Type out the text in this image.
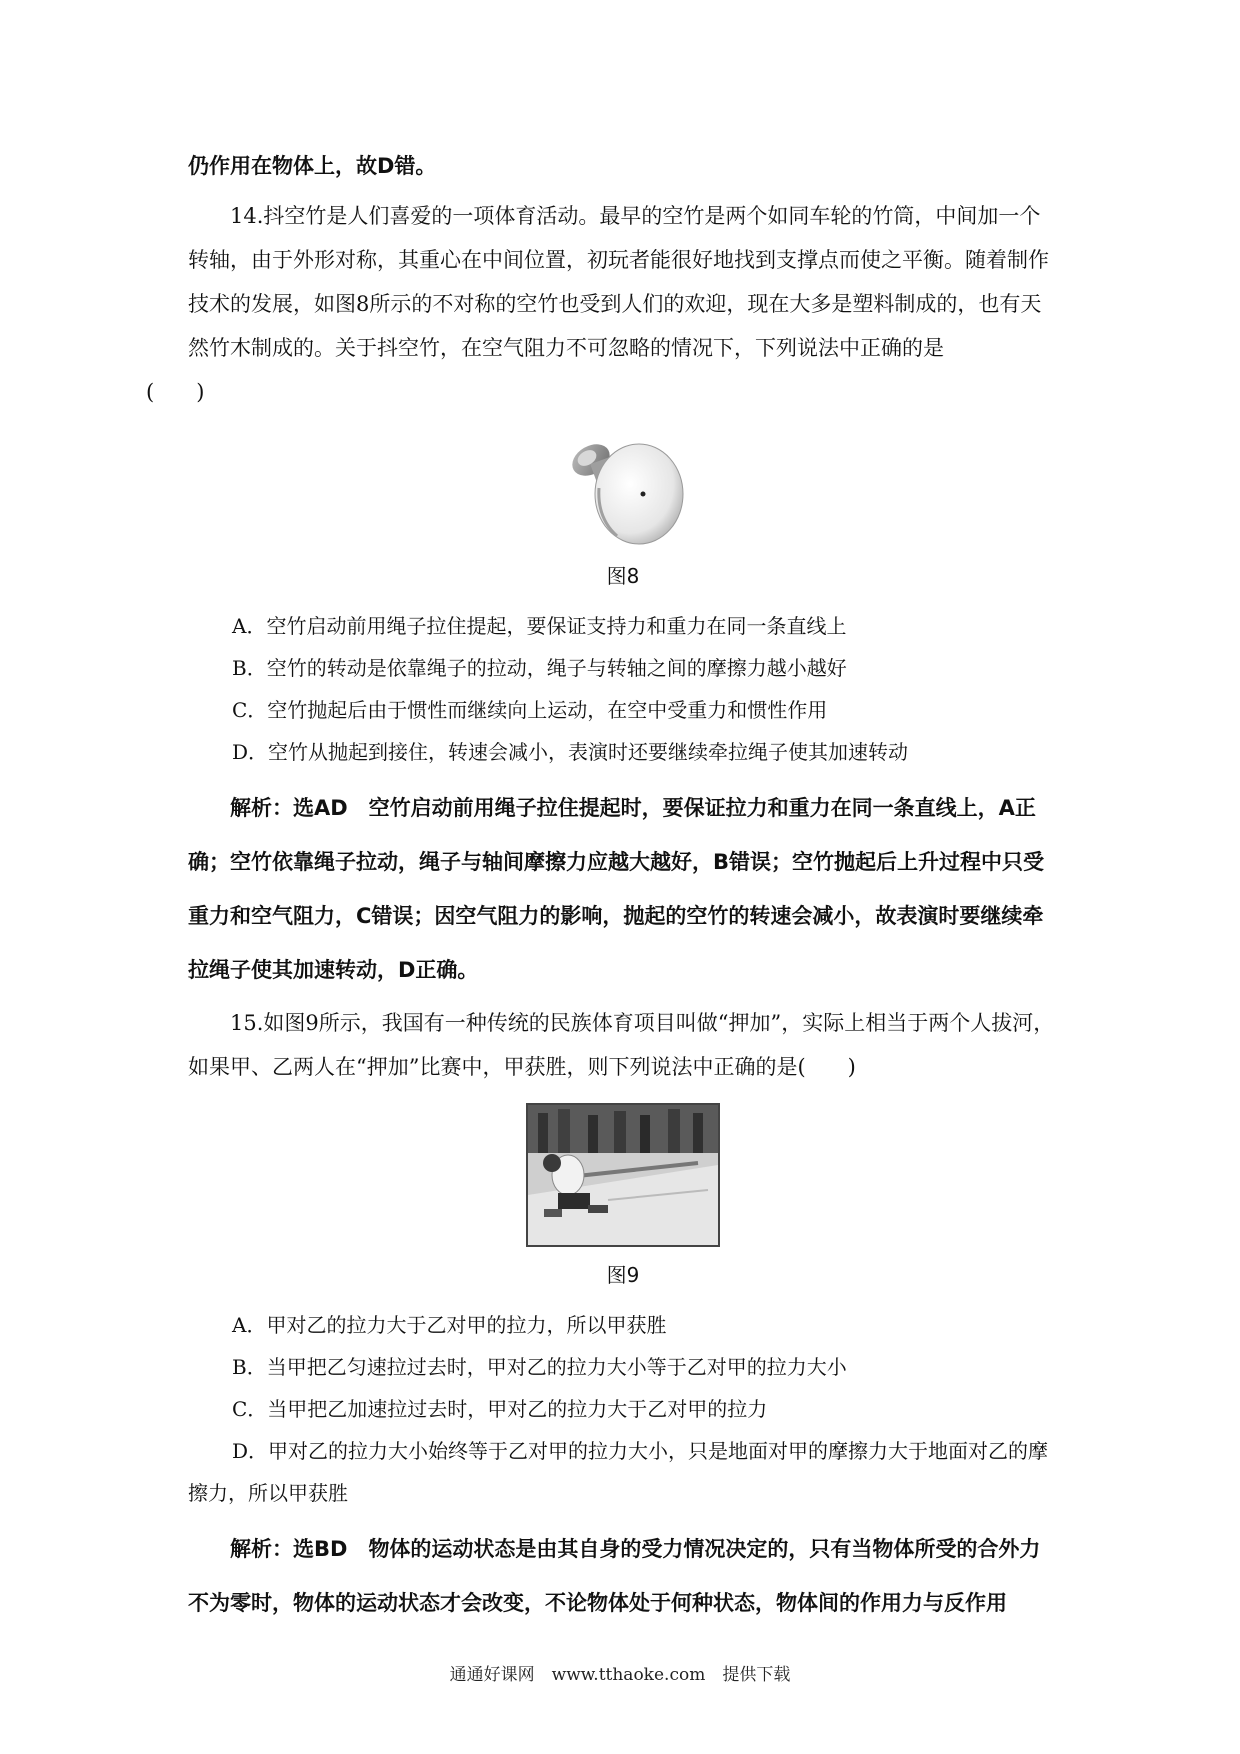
仍作用在物体上，故D错。

14.抖空竹是人们喜爱的一项体育活动。最早的空竹是两个如同车轮的竹筒，中间加一个转轴，由于外形对称，其重心在中间位置，初玩者能很好地找到支撑点而使之平衡。随着制作技术的发展，如图8所示的不对称的空竹也受到人们的欢迎，现在大多是塑料制成的，也有天然竹木制成的。关于抖空竹，在空气阻力不可忽略的情况下，下列说法中正确的是
(　　)

图8

A．空竹启动前用绳子拉住提起，要保证支持力和重力在同一条直线上

B．空竹的转动是依靠绳子的拉动，绳子与转轴之间的摩擦力越小越好

C．空竹抛起后由于惯性而继续向上运动，在空中受重力和惯性作用

D．空竹从抛起到接住，转速会减小，表演时还要继续牵拉绳子使其加速转动

解析：选AD　空竹启动前用绳子拉住提起时，要保证拉力和重力在同一条直线上，A正确；空竹依靠绳子拉动，绳子与轴间摩擦力应越大越好，B错误；空竹抛起后上升过程中只受重力和空气阻力，C错误；因空气阻力的影响，抛起的空竹的转速会减小，故表演时要继续牵拉绳子使其加速转动，D正确。

15.如图9所示，我国有一种传统的民族体育项目叫做“押加”，实际上相当于两个人拔河，如果甲、乙两人在“押加”比赛中，甲获胜，则下列说法中正确的是(　　)

图9

A．甲对乙的拉力大于乙对甲的拉力，所以甲获胜

B．当甲把乙匀速拉过去时，甲对乙的拉力大小等于乙对甲的拉力大小

C．当甲把乙加速拉过去时，甲对乙的拉力大于乙对甲的拉力

D．甲对乙的拉力大小始终等于乙对甲的拉力大小，只是地面对甲的摩擦力大于地面对乙的摩擦力，所以甲获胜

解析：选BD　物体的运动状态是由其自身的受力情况决定的，只有当物体所受的合外力不为零时，物体的运动状态才会改变，不论物体处于何种状态，物体间的作用力与反作用

通通好课网　www.tthaoke.com　提供下载
